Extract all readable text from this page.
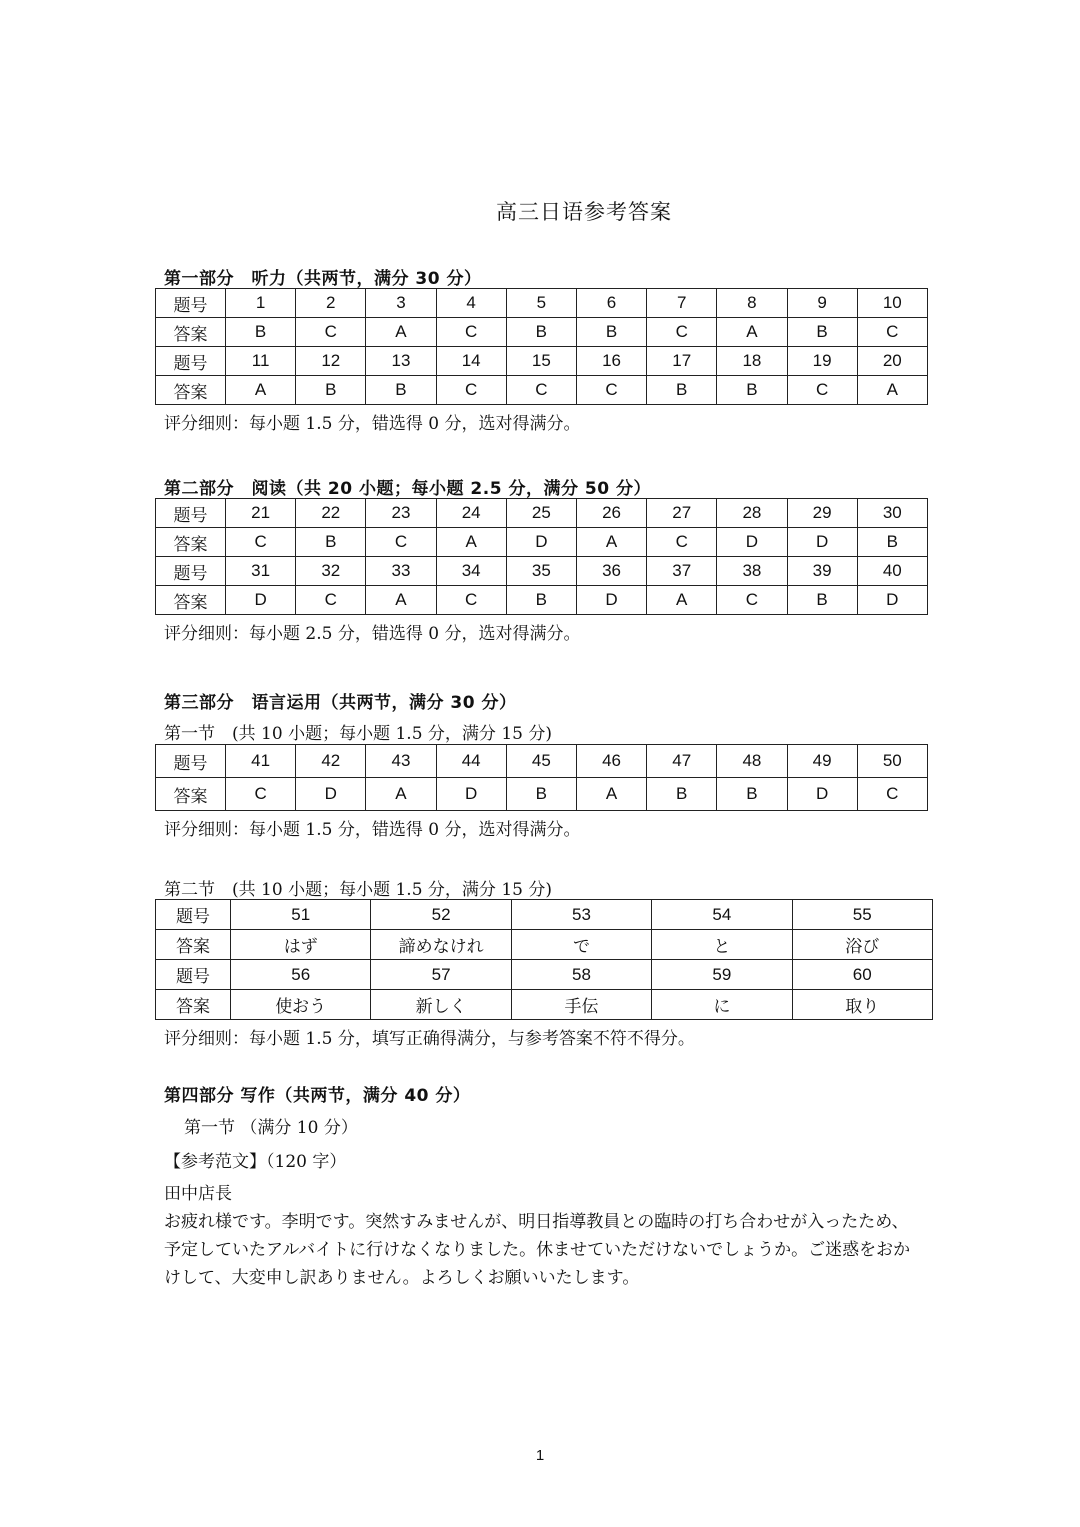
高三日语参考答案
第一部分　听力（共两节，满分 30 分）
题号	1	2	3	4	5	6	7	8	9	10
答案	B	C	A	C	B	B	C	A	B	C
题号	11	12	13	14	15	16	17	18	19	20
答案	A	B	B	C	C	C	B	B	C	A
评分细则：每小题 1.5 分，错选得 0 分，选对得满分。
第二部分　阅读（共 20 小题；每小题 2.5 分，满分 50 分）
题号	21	22	23	24	25	26	27	28	29	30
答案	C	B	C	A	D	A	C	D	D	B
题号	31	32	33	34	35	36	37	38	39	40
答案	D	C	A	C	B	D	A	C	B	D
评分细则：每小题 2.5 分，错选得 0 分，选对得满分。
第三部分　语言运用（共两节，满分 30 分）
第一节　(共 10 小题；每小题 1.5 分，满分 15 分)
题号	41	42	43	44	45	46	47	48	49	50
答案	C	D	A	D	B	A	B	B	D	C
评分细则：每小题 1.5 分，错选得 0 分，选对得满分。
第二节　(共 10 小题；每小题 1.5 分，满分 15 分)
题号	51	52	53	54	55
答案	はず	諦めなけれ	で	と	浴び
题号	56	57	58	59	60
答案	使おう	新しく	手伝	に	取り
评分细则：每小题 1.5 分，填写正确得满分，与参考答案不符不得分。
第四部分 写作（共两节，满分 40 分）
第一节 （满分 10 分）
【参考范文】（120 字）
田中店長
お疲れ様です。李明です。突然すみませんが、明日指導教員との臨時の打ち合わせが入ったため、予定していたアルバイトに行けなくなりました。休ませていただけないでしょうか。ご迷惑をおかけして、大変申し訳ありません。よろしくお願いいたします。
1
